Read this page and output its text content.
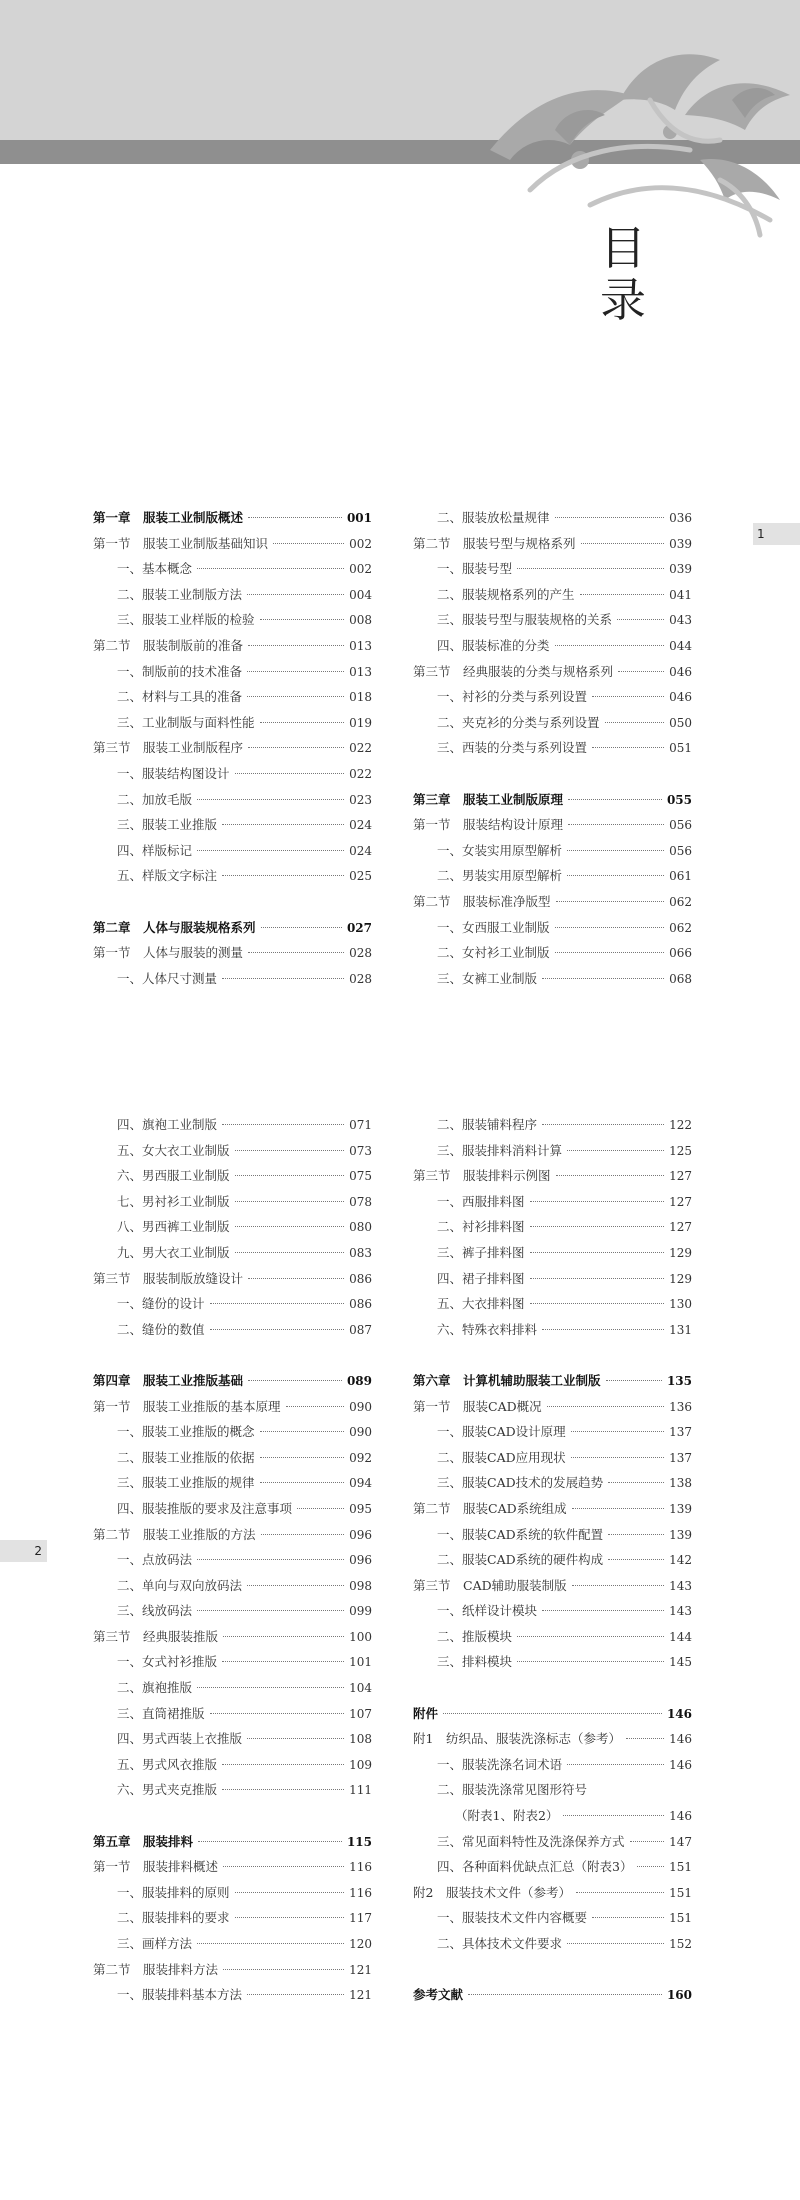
目录
1
2
第一章　 服装工业制版概述	001
第一节　 服装工业制版基础知识	002
一、基本概念	002
二、服装工业制版方法	004
三、服装工业样版的检验	008
第二节　 服装制版前的准备	013
一、制版前的技术准备	013
二、材料与工具的准备	018
三、工业制版与面料性能	019
第三节　 服装工业制版程序	022
一、服装结构图设计	022
二、加放毛版	023
三、服装工业推版	024
四、样版标记	024
五、样版文字标注	025
第二章　 人体与服装规格系列	027
第一节　 人体与服装的测量	028
一、人体尺寸测量	028
二、服装放松量规律	036
第二节　 服装号型与规格系列	039
一、服装号型	039
二、服装规格系列的产生	041
三、服装号型与服装规格的关系	043
四、服装标准的分类	044
第三节　 经典服装的分类与规格系列	046
一、衬衫的分类与系列设置	046
二、夹克衫的分类与系列设置	050
三、西装的分类与系列设置	051
第三章　 服装工业制版原理	055
第一节　 服装结构设计原理	056
一、女装实用原型解析	056
二、男装实用原型解析	061
第二节　 服装标准净版型	062
一、女西服工业制版	062
二、女衬衫工业制版	066
三、女裤工业制版	068
四、旗袍工业制版	071
五、女大衣工业制版	073
六、男西服工业制版	075
七、男衬衫工业制版	078
八、男西裤工业制版	080
九、男大衣工业制版	083
第三节　 服装制版放缝设计	086
一、缝份的设计	086
二、缝份的数值	087
第四章　 服装工业推版基础	089
第一节　 服装工业推版的基本原理	090
一、服装工业推版的概念	090
二、服装工业推版的依据	092
三、服装工业推版的规律	094
四、服装推版的要求及注意事项	095
第二节　 服装工业推版的方法	096
一、点放码法	096
二、单向与双向放码法	098
三、线放码法	099
第三节　 经典服装推版	100
一、女式衬衫推版	101
二、旗袍推版	104
三、直筒裙推版	107
四、男式西装上衣推版	108
五、男式风衣推版	109
六、男式夹克推版	111
第五章　 服装排料	115
第一节　 服装排料概述	116
一、服装排料的原则	116
二、服装排料的要求	117
三、画样方法	120
第二节　 服装排料方法	121
一、服装排料基本方法	121
二、服装铺料程序	122
三、服装排料消料计算	125
第三节　 服装排料示例图	127
一、西服排料图	127
二、衬衫排料图	127
三、裤子排料图	129
四、裙子排料图	129
五、大衣排料图	130
六、特殊衣料排料	131
第六章　 计算机辅助服装工业制版	135
第一节　 服装CAD概况	136
一、服装CAD设计原理	137
二、服装CAD应用现状	137
三、服装CAD技术的发展趋势	138
第二节　 服装CAD系统组成	139
一、服装CAD系统的软件配置	139
二、服装CAD系统的硬件构成	142
第三节　 CAD辅助服装制版	143
一、纸样设计模块	143
二、推版模块	144
三、排料模块	145
附件	146
附1　 纺织品、服装洗涤标志（参考）	146
一、服装洗涤名词术语	146
二、服装洗涤常见图形符号
（附表1、附表2）	146
三、常见面料特性及洗涤保养方式	147
四、各种面料优缺点汇总（附表3）	151
附2　 服装技术文件（参考）	151
一、服装技术文件内容概要	151
二、具体技术文件要求	152
参考文献	160
